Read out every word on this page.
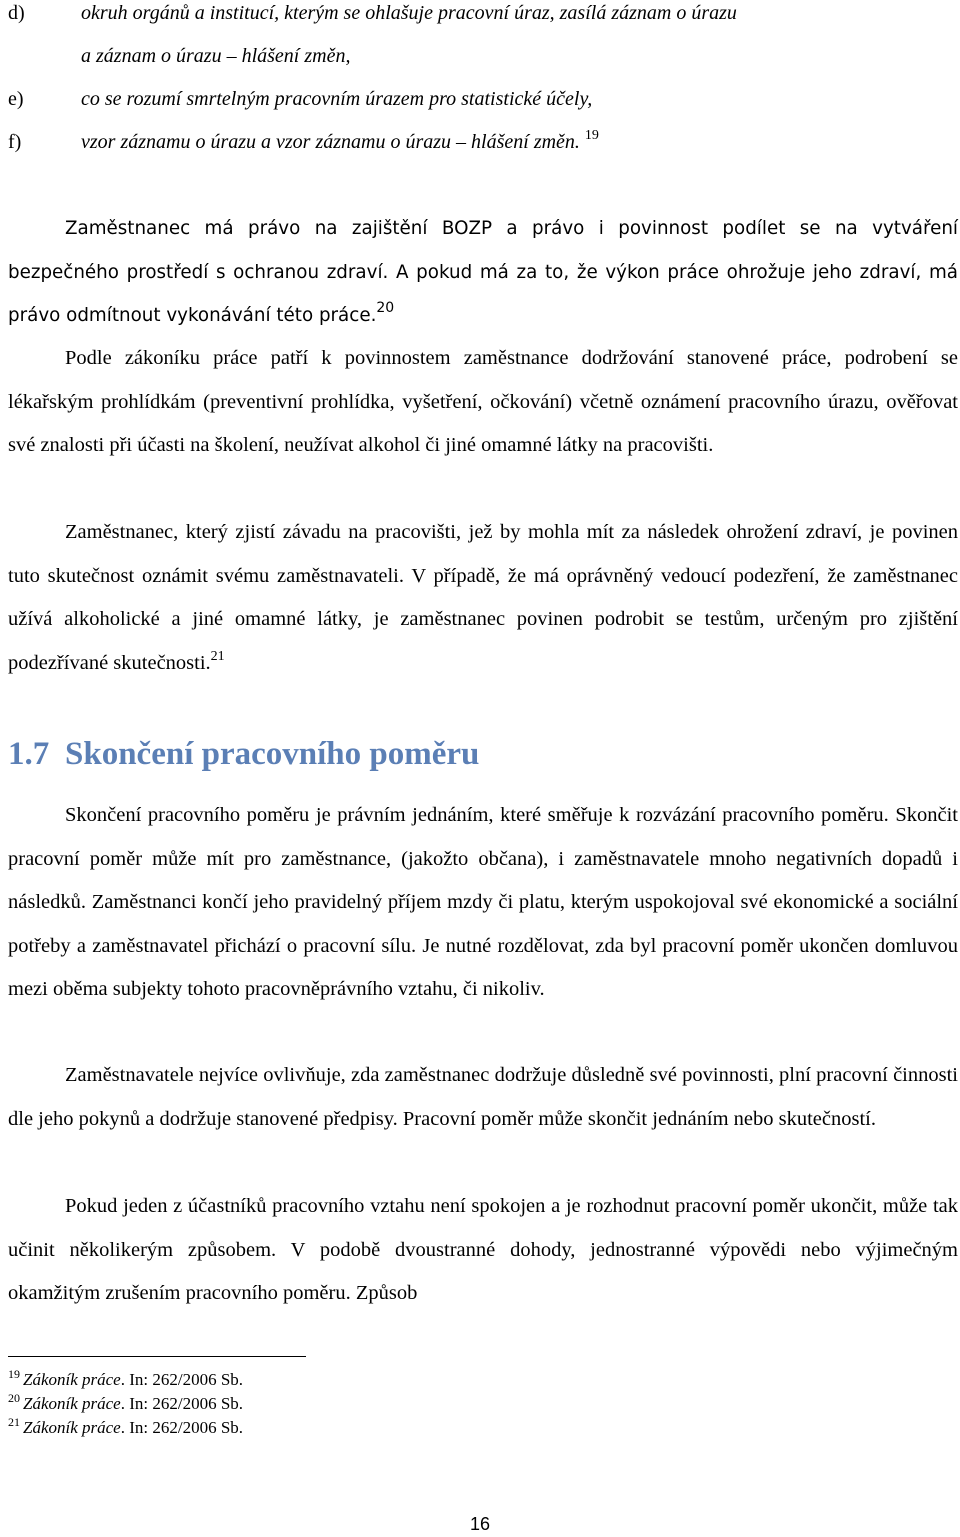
d)	okruh orgánů a institucí, kterým se ohlašuje pracovní úraz, zasílá záznam o úrazu
a záznam o úrazu – hlášení změn,
e)	co se rozumí smrtelným pracovním úrazem pro statistické účely,
f)	vzor záznamu o úrazu a vzor záznamu o úrazu – hlášení změn. $^{19}$

Zaměstnanec má právo na zajištění BOZP a právo i povinnost podílet se na vytváření bezpečného prostředí s ochranou zdraví. A pokud má za to, že výkon práce ohrožuje jeho zdraví, má právo odmítnout vykonávání této práce.$^{20}$

Podle zákoníku práce patří k povinnostem zaměstnance dodržování stanovené práce, podrobení se lékařským prohlídkám (preventivní prohlídka, vyšetření, očkování) včetně oznámení pracovního úrazu, ověřovat své znalosti při účasti na školení, neužívat alkohol či jiné omamné látky na pracovišti.

Zaměstnanec, který zjistí závadu na pracovišti, jež by mohla mít za následek ohrožení zdraví, je povinen tuto skutečnost oznámit svému zaměstnavateli. V případě, že má oprávněný vedoucí podezření, že zaměstnanec užívá alkoholické a jiné omamné látky, je zaměstnanec povinen podrobit se testům, určeným pro zjištění podezřívané skutečnosti.$^{21}$

1.7 Skončení pracovního poměru

Skončení pracovního poměru je právním jednáním, které směřuje k rozvázání pracovního poměru. Skončit pracovní poměr může mít pro zaměstnance, (jakožto občana), i zaměstnavatele mnoho negativních dopadů i následků. Zaměstnanci končí jeho pravidelný příjem mzdy či platu, kterým uspokojoval své ekonomické a sociální potřeby a zaměstnavatel přichází o pracovní sílu. Je nutné rozdělovat, zda byl pracovní poměr ukončen domluvou mezi oběma subjekty tohoto pracovněprávního vztahu, či nikoliv.

Zaměstnavatele nejvíce ovlivňuje, zda zaměstnanec dodržuje důsledně své povinnosti, plní pracovní činnosti dle jeho pokynů a dodržuje stanovené předpisy. Pracovní poměr může skončit jednáním nebo skutečností.

Pokud jeden z účastníků pracovního vztahu není spokojen a je rozhodnut pracovní poměr ukončit, může tak učinit několikerým způsobem. V podobě dvoustranné dohody, jednostranné výpovědi nebo výjimečným okamžitým zrušením pracovního poměru. Způsob

$^{19}$ Zákoník práce. In: 262/2006 Sb.
$^{20}$ Zákoník práce. In: 262/2006 Sb.
$^{21}$ Zákoník práce. In: 262/2006 Sb.
16
